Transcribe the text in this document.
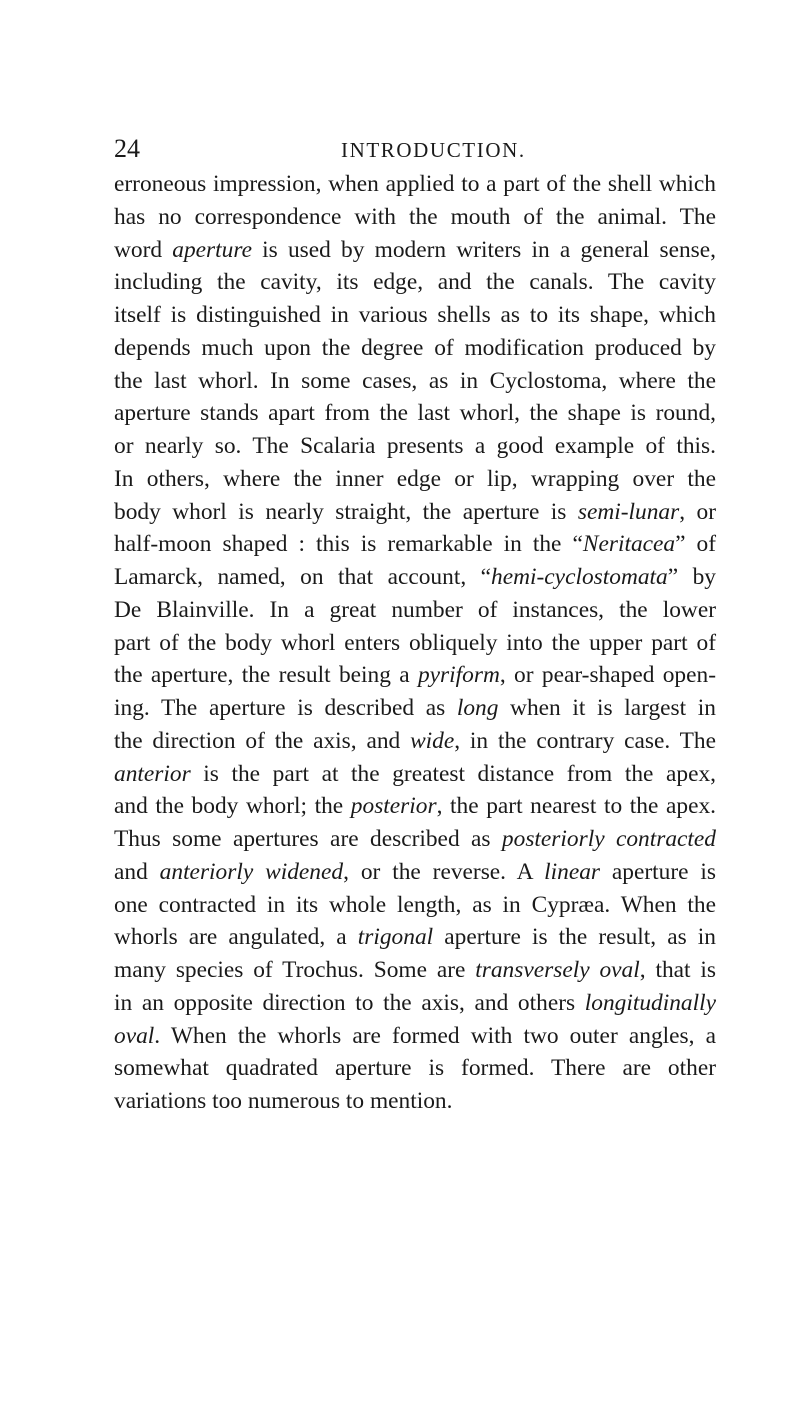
24	INTRODUCTION.
erroneous impression, when applied to a part of the shell which
has no correspondence with the mouth of the animal. The
word aperture is used by modern writers in a general sense,
including the cavity, its edge, and the canals. The cavity
itself is distinguished in various shells as to its shape, which
depends much upon the degree of modification produced by
the last whorl. In some cases, as in Cyclostoma, where the
aperture stands apart from the last whorl, the shape is round,
or nearly so. The Scalaria presents a good example of this.
In others, where the inner edge or lip, wrapping over the
body whorl is nearly straight, the aperture is semi-lunar, or
half-moon shaped : this is remarkable in the “Neritacea” of
Lamarck, named, on that account, “hemi-cyclostomata” by
De Blainville. In a great number of instances, the lower
part of the body whorl enters obliquely into the upper part of
the aperture, the result being a pyriform, or pear-shaped open-
ing. The aperture is described as long when it is largest in
the direction of the axis, and wide, in the contrary case. The
anterior is the part at the greatest distance from the apex,
and the body whorl; the posterior, the part nearest to the apex.
Thus some apertures are described as posteriorly contracted
and anteriorly widened, or the reverse. A linear aperture is
one contracted in its whole length, as in Cypræa. When the
whorls are angulated, a trigonal aperture is the result, as in
many species of Trochus. Some are transversely oval, that is
in an opposite direction to the axis, and others longitudinally
oval. When the whorls are formed with two outer angles, a
somewhat quadrated aperture is formed. There are other
variations too numerous to mention.
